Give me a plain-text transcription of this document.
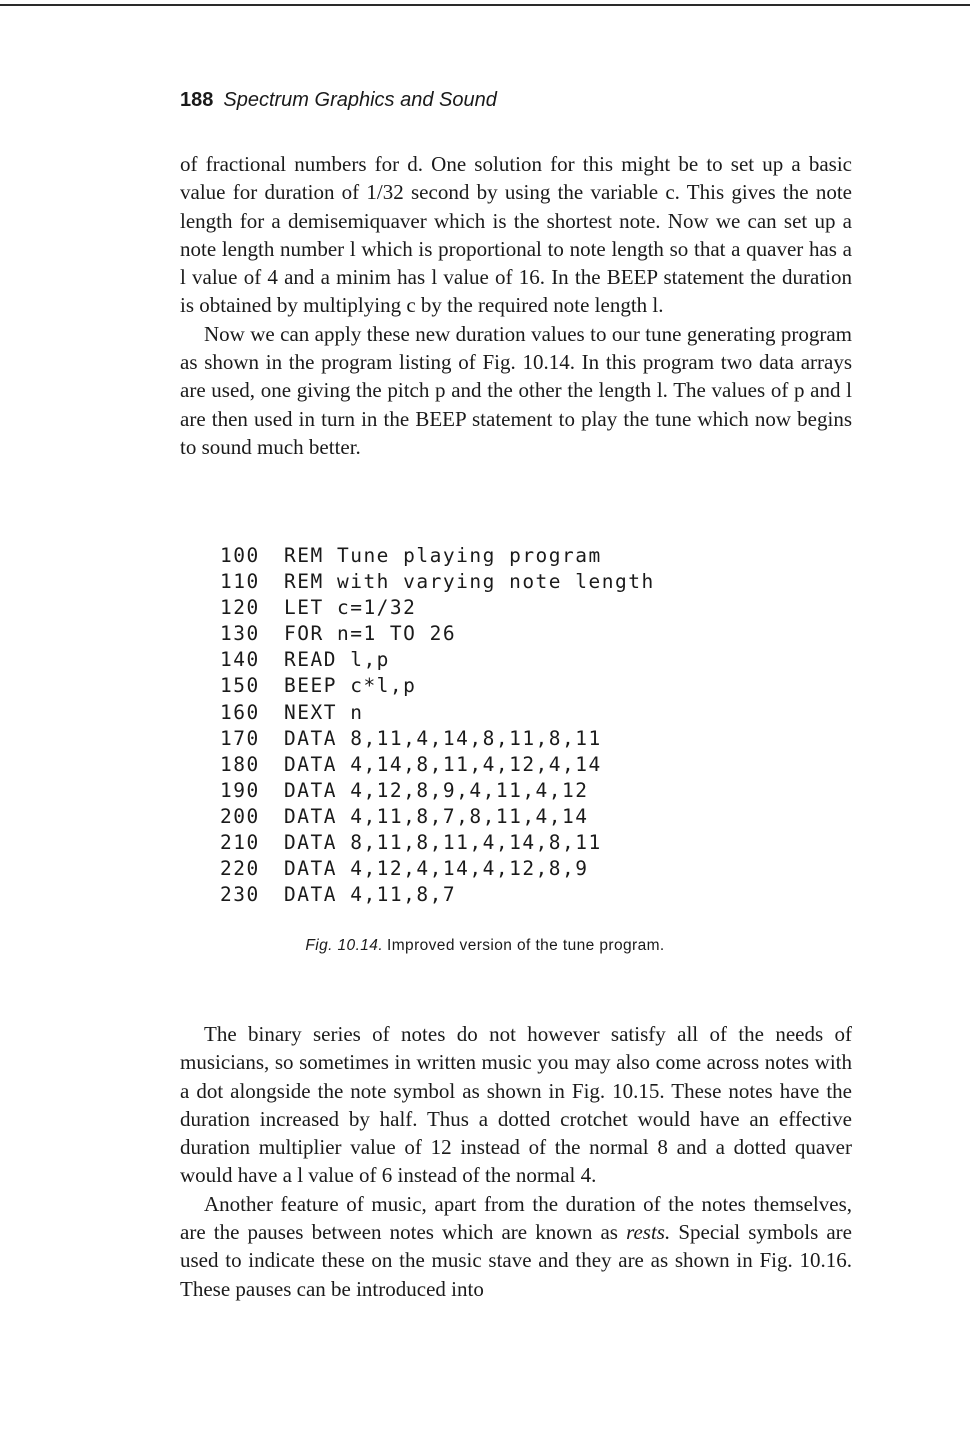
188 Spectrum Graphics and Sound

of fractional numbers for d. One solution for this might be to set up a basic value for duration of 1/32 second by using the variable c. This gives the note length for a demisemiquaver which is the shortest note. Now we can set up a note length number l which is proportional to note length so that a quaver has a l value of 4 and a minim has l value of 16. In the BEEP statement the duration is obtained by multiplying c by the required note length l.

Now we can apply these new duration values to our tune generating program as shown in the program listing of Fig. 10.14. In this program two data arrays are used, one giving the pitch p and the other the length l. The values of p and l are then used in turn in the BEEP statement to play the tune which now begins to sound much better.

100 REM Tune playing program
110 REM with varying note length
120 LET c=1/32
130 FOR n=1 TO 26
140 READ l,p
150 BEEP c*l,p
160 NEXT n
170 DATA 8,11,4,14,8,11,8,11
180 DATA 4,14,8,11,4,12,4,14
190 DATA 4,12,8,9,4,11,4,12
200 DATA 4,11,8,7,8,11,4,14
210 DATA 8,11,8,11,4,14,8,11
220 DATA 4,12,4,14,4,12,8,9
230 DATA 4,11,8,7
Fig. 10.14. Improved version of the tune program.

The binary series of notes do not however satisfy all of the needs of musicians, so sometimes in written music you may also come across notes with a dot alongside the note symbol as shown in Fig. 10.15. These notes have the duration increased by half. Thus a dotted crotchet would have an effective duration multiplier value of 12 instead of the normal 8 and a dotted quaver would have a l value of 6 instead of the normal 4.

Another feature of music, apart from the duration of the notes themselves, are the pauses between notes which are known as rests. Special symbols are used to indicate these on the music stave and they are as shown in Fig. 10.16. These pauses can be introduced into
